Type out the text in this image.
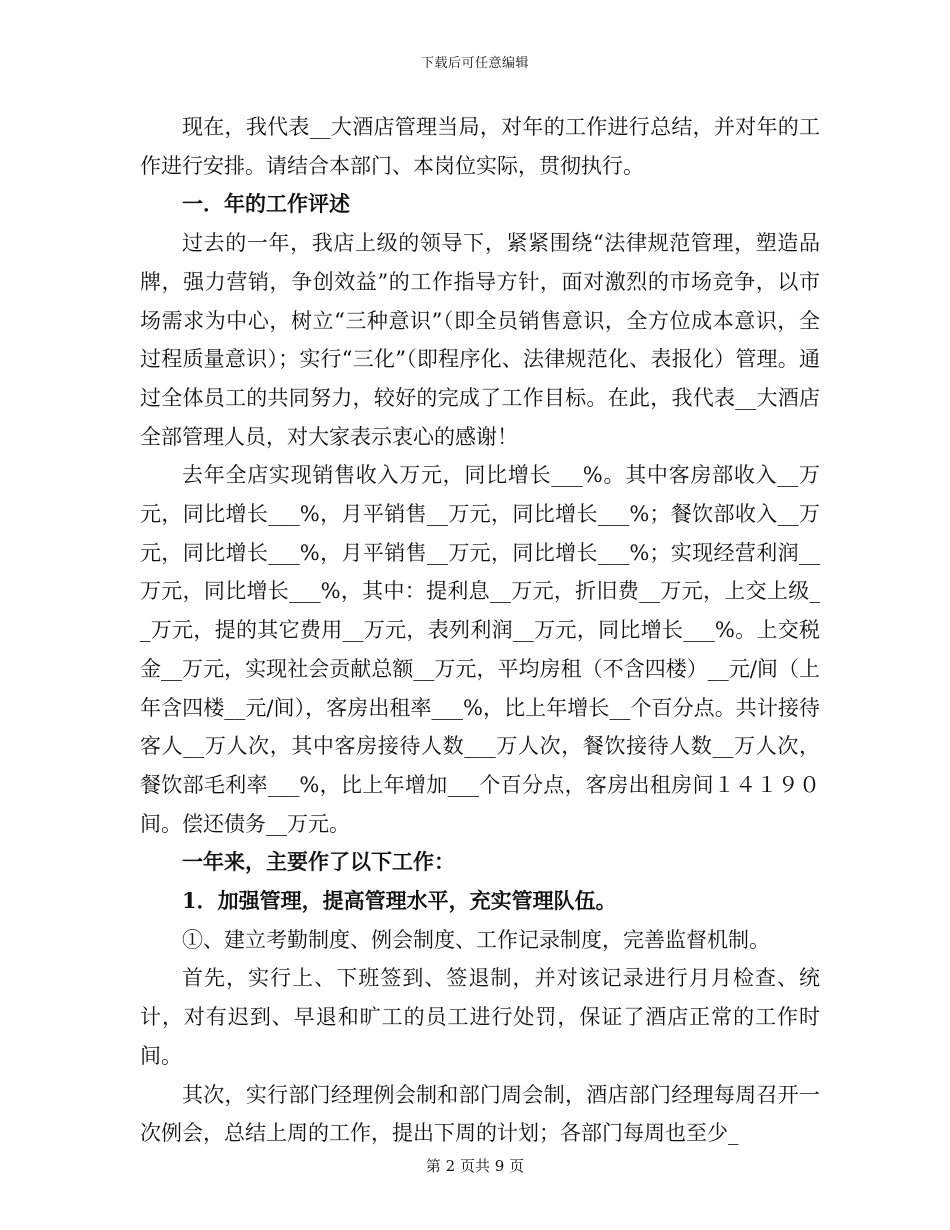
下载后可任意编辑

现在，我代表__大酒店管理当局，对年的工作进行总结，并对年的工作进行安排。请结合本部门、本岗位实际，贯彻执行。

一．年的工作评述

过去的一年，我店上级的领导下，紧紧围绕“法律规范管理，塑造品牌，强力营销，争创效益”的工作指导方针，面对激烈的市场竞争，以市场需求为中心，树立“三种意识”（即全员销售意识，全方位成本意识，全过程质量意识）；实行“三化”（即程序化、法律规范化、表报化）管理。通过全体员工的共同努力，较好的完成了工作目标。在此，我代表__大酒店全部管理人员，对大家表示衷心的感谢！

去年全店实现销售收入万元，同比增长___%。其中客房部收入__万元，同比增长___%，月平销售__万元，同比增长___%；餐饮部收入__万元，同比增长___%，月平销售__万元，同比增长___%；实现经营利润__万元，同比增长___%，其中：提利息__万元，折旧费__万元，上交上级__万元，提的其它费用__万元，表列利润__万元，同比增长___%。上交税金__万元，实现社会贡献总额__万元，平均房租（不含四楼）__元/间（上年含四楼__元/间），客房出租率___%，比上年增长__个百分点。共计接待客人__万人次，其中客房接待人数___万人次，餐饮接待人数__万人次，餐饮部毛利率___%，比上年增加___个百分点，客房出租房间１４１９０间。偿还债务__万元。

一年来，主要作了以下工作：

1．加强管理，提高管理水平，充实管理队伍。

①、建立考勤制度、例会制度、工作记录制度，完善监督机制。

首先，实行上、下班签到、签退制，并对该记录进行月月检查、统计，对有迟到、早退和旷工的员工进行处罚，保证了酒店正常的工作时间。

其次，实行部门经理例会制和部门周会制，酒店部门经理每周召开一次例会，总结上周的工作，提出下周的计划；各部门每周也至少_

第 2 页共 9 页
